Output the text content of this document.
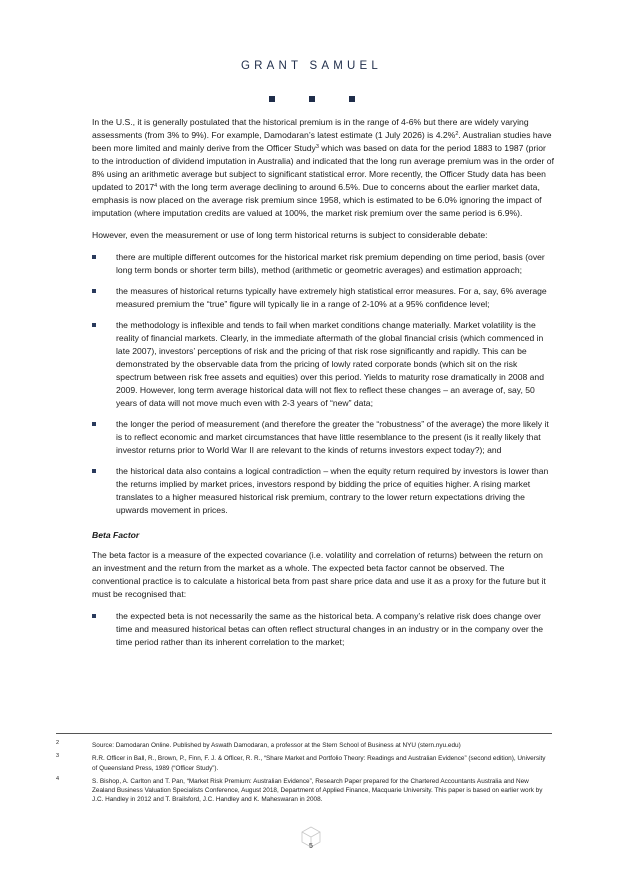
GRANT SAMUEL

In the U.S., it is generally postulated that the historical premium is in the range of 4-6% but there are widely varying assessments (from 3% to 9%). For example, Damodaran’s latest estimate (1 July 2026) is 4.2%$^2$. Australian studies have been more limited and mainly derive from the Officer Study$^3$ which was based on data for the period 1883 to 1987 (prior to the introduction of dividend imputation in Australia) and indicated that the long run average premium was in the order of 8% using an arithmetic average but subject to significant statistical error. More recently, the Officer Study data has been updated to 2017$^4$ with the long term average declining to around 6.5%. Due to concerns about the earlier market data, emphasis is now placed on the average risk premium since 1958, which is estimated to be 6.0% ignoring the impact of imputation (where imputation credits are valued at 100%, the market risk premium over the same period is 6.9%).

However, even the measurement or use of long term historical returns is subject to considerable debate:

there are multiple different outcomes for the historical market risk premium depending on time period, basis (over long term bonds or shorter term bills), method (arithmetic or geometric averages) and estimation approach;
the measures of historical returns typically have extremely high statistical error measures. For a, say, 6% average measured premium the “true” figure will typically lie in a range of 2-10% at a 95% confidence level;
the methodology is inflexible and tends to fail when market conditions change materially. Market volatility is the reality of financial markets. Clearly, in the immediate aftermath of the global financial crisis (which commenced in late 2007), investors’ perceptions of risk and the pricing of that risk rose significantly and rapidly. This can be demonstrated by the observable data from the pricing of lowly rated corporate bonds (which sit on the risk spectrum between risk free assets and equities) over this period. Yields to maturity rose dramatically in 2008 and 2009. However, long term average historical data will not flex to reflect these changes – an average of, say, 50 years of data will not move much even with 2-3 years of “new” data;
the longer the period of measurement (and therefore the greater the “robustness” of the average) the more likely it is to reflect economic and market circumstances that have little resemblance to the present (is it really likely that investor returns prior to World War II are relevant to the kinds of returns investors expect today?); and
the historical data also contains a logical contradiction – when the equity return required by investors is lower than the returns implied by market prices, investors respond by bidding the price of equities higher. A rising market translates to a higher measured historical risk premium, contrary to the lower return expectations driving the upwards movement in prices.
Beta Factor

The beta factor is a measure of the expected covariance (i.e. volatility and correlation of returns) between the return on an investment and the return from the market as a whole. The expected beta factor cannot be observed. The conventional practice is to calculate a historical beta from past share price data and use it as a proxy for the future but it must be recognised that:

the expected beta is not necessarily the same as the historical beta. A company’s relative risk does change over time and measured historical betas can often reflect structural changes in an industry or in the company over the time period rather than its inherent correlation to the market;
2	Source: Damodaran Online. Published by Aswath Damodaran, a professor at the Stern School of Business at NYU (stern.nyu.edu)
3	R.R. Officer in Ball, R., Brown, P., Finn, F. J. & Officer, R. R., “Share Market and Portfolio Theory: Readings and Australian Evidence” (second edition), University of Queensland Press, 1989 (“Officer Study”).
4	S. Bishop, A. Carlton and T. Pan, “Market Risk Premium: Australian Evidence”, Research Paper prepared for the Chartered Accountants Australia and New Zealand Business Valuation Specialists Conference, August 2018, Department of Applied Finance, Macquarie University. This paper is based on earlier work by J.C. Handley in 2012 and T. Brailsford, J.C. Handley and K. Maheswaran in 2008.
5
